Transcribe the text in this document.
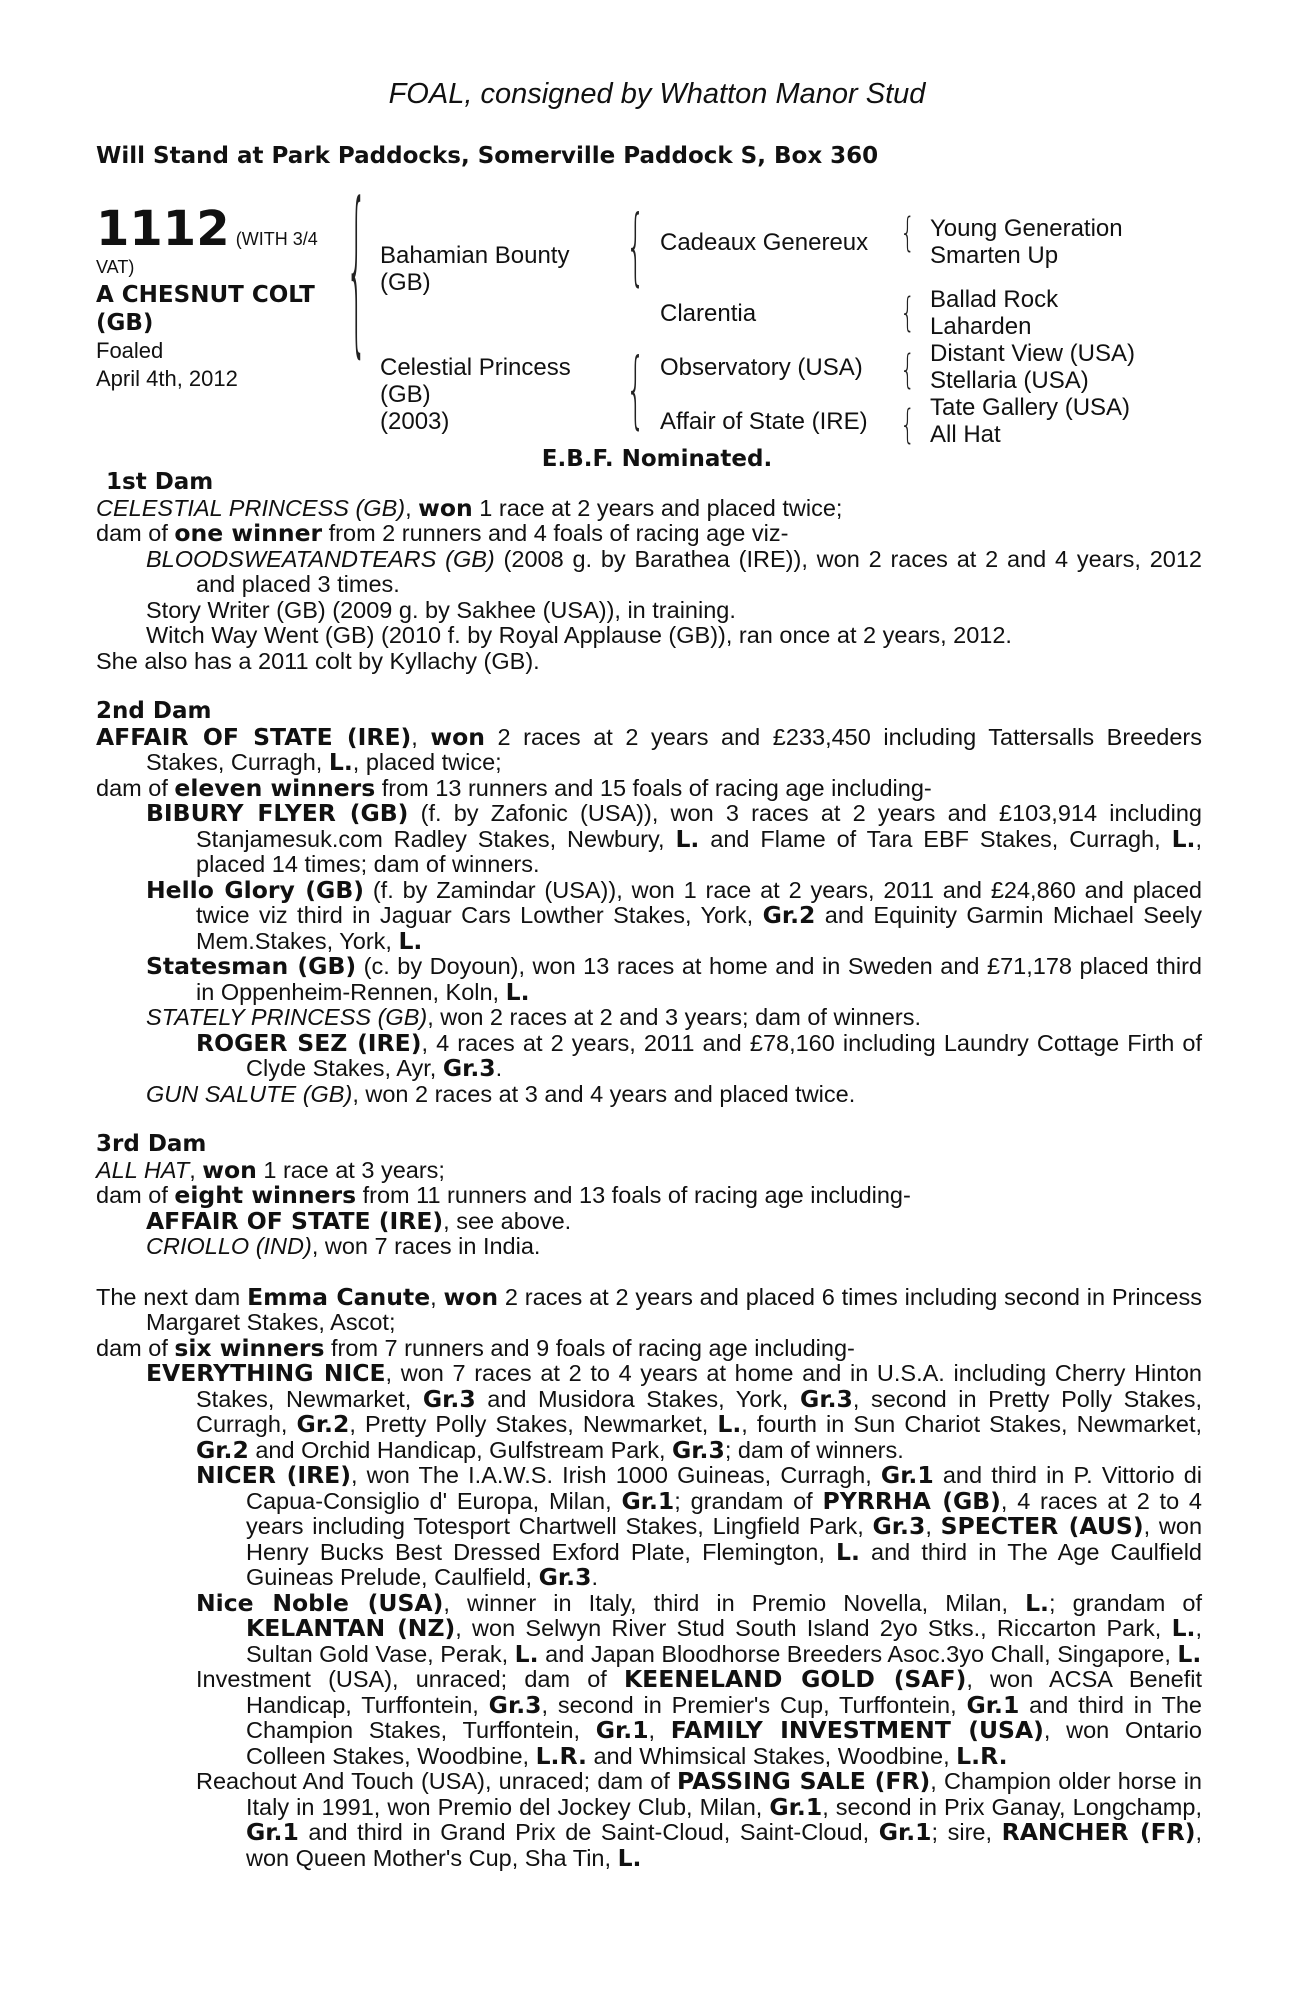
FOAL, consigned by Whatton Manor Stud
Will Stand at Park Paddocks, Somerville Paddock S, Box 360
1112 (WITH 3/4
VAT)
A CHESNUT COLT
(GB)
Foaled
April 4th, 2012
{	{
{
{
{
{
{
Bahamian Bounty
(GB)
Celestial Princess
(GB)
(2003)
Cadeaux Genereux
Clarentia
Observatory (USA)
Affair of State (IRE)
Young Generation
Smarten Up
Ballad Rock
Laharden
Distant View (USA)
Stellaria (USA)
Tate Gallery (USA)
All Hat
E.B.F. Nominated.

1st Dam

CELESTIAL PRINCESS (GB), won 1 race at 2 years and placed twice;

dam of one winner from 2 runners and 4 foals of racing age viz-

BLOODSWEATANDTEARS (GB) (2008 g. by Barathea (IRE)), won 2 races at 2 and 4 years, 2012 and placed 3 times.

Story Writer (GB) (2009 g. by Sakhee (USA)), in training.

Witch Way Went (GB) (2010 f. by Royal Applause (GB)), ran once at 2 years, 2012.

She also has a 2011 colt by Kyllachy (GB).

2nd Dam

AFFAIR OF STATE (IRE), won 2 races at 2 years and £233,450 including Tattersalls Breeders Stakes, Curragh, L., placed twice;

dam of eleven winners from 13 runners and 15 foals of racing age including-

BIBURY FLYER (GB) (f. by Zafonic (USA)), won 3 races at 2 years and £103,914 including Stanjamesuk.com Radley Stakes, Newbury, L. and Flame of Tara EBF Stakes, Curragh, L., placed 14 times; dam of winners.

Hello Glory (GB) (f. by Zamindar (USA)), won 1 race at 2 years, 2011 and £24,860 and placed twice viz third in Jaguar Cars Lowther Stakes, York, Gr.2 and Equinity Garmin Michael Seely Mem.Stakes, York, L.

Statesman (GB) (c. by Doyoun), won 13 races at home and in Sweden and £71,178 placed third in Oppenheim-Rennen, Koln, L.

STATELY PRINCESS (GB), won 2 races at 2 and 3 years; dam of winners.

ROGER SEZ (IRE), 4 races at 2 years, 2011 and £78,160 including Laundry Cottage Firth of Clyde Stakes, Ayr, Gr.3.

GUN SALUTE (GB), won 2 races at 3 and 4 years and placed twice.

3rd Dam

ALL HAT, won 1 race at 3 years;

dam of eight winners from 11 runners and 13 foals of racing age including-

AFFAIR OF STATE (IRE), see above.

CRIOLLO (IND), won 7 races in India.

The next dam Emma Canute, won 2 races at 2 years and placed 6 times including second in Princess Margaret Stakes, Ascot;

dam of six winners from 7 runners and 9 foals of racing age including-

EVERYTHING NICE, won 7 races at 2 to 4 years at home and in U.S.A. including Cherry Hinton Stakes, Newmarket, Gr.3 and Musidora Stakes, York, Gr.3, second in Pretty Polly Stakes, Curragh, Gr.2, Pretty Polly Stakes, Newmarket, L., fourth in Sun Chariot Stakes, Newmarket, Gr.2 and Orchid Handicap, Gulfstream Park, Gr.3; dam of winners.

NICER (IRE), won The I.A.W.S. Irish 1000 Guineas, Curragh, Gr.1 and third in P. Vittorio di Capua-Consiglio d' Europa, Milan, Gr.1; grandam of PYRRHA (GB), 4 races at 2 to 4 years including Totesport Chartwell Stakes, Lingfield Park, Gr.3, SPECTER (AUS), won Henry Bucks Best Dressed Exford Plate, Flemington, L. and third in The Age Caulfield Guineas Prelude, Caulfield, Gr.3.

Nice Noble (USA), winner in Italy, third in Premio Novella, Milan, L.; grandam of KELANTAN (NZ), won Selwyn River Stud South Island 2yo Stks., Riccarton Park, L., Sultan Gold Vase, Perak, L. and Japan Bloodhorse Breeders Asoc.3yo Chall, Singapore, L.

Investment (USA), unraced; dam of KEENELAND GOLD (SAF), won ACSA Benefit Handicap, Turffontein, Gr.3, second in Premier's Cup, Turffontein, Gr.1 and third in The Champion Stakes, Turffontein, Gr.1, FAMILY INVESTMENT (USA), won Ontario Colleen Stakes, Woodbine, L.R. and Whimsical Stakes, Woodbine, L.R.

Reachout And Touch (USA), unraced; dam of PASSING SALE (FR), Champion older horse in Italy in 1991, won Premio del Jockey Club, Milan, Gr.1, second in Prix Ganay, Longchamp, Gr.1 and third in Grand Prix de Saint-Cloud, Saint-Cloud, Gr.1; sire, RANCHER (FR), won Queen Mother's Cup, Sha Tin, L.
